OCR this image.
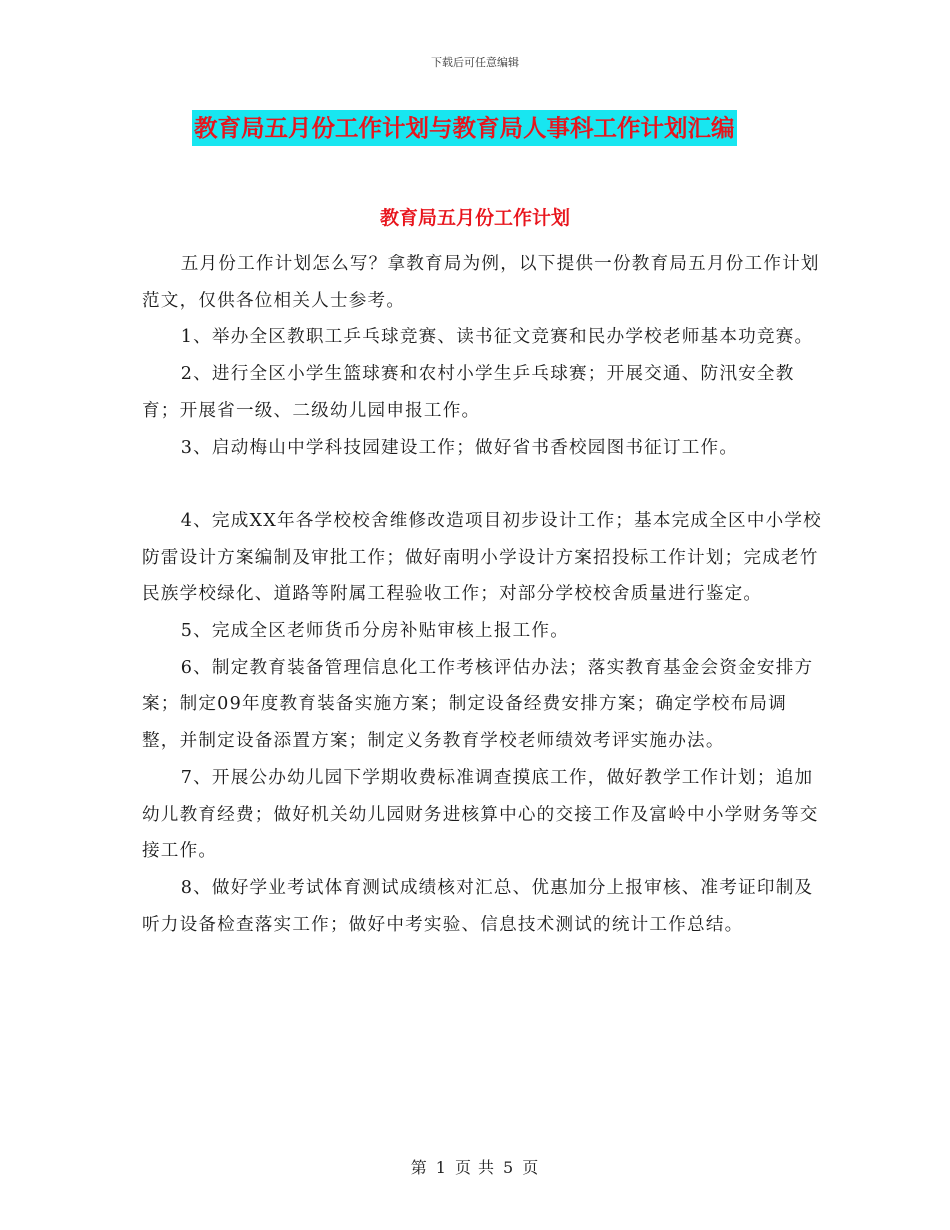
下载后可任意编辑
教育局五月份工作计划与教育局人事科工作计划汇编
教育局五月份工作计划

五月份工作计划怎么写？拿教育局为例，以下提供一份教育局五月份工作计划范文，仅供各位相关人士参考。

1、举办全区教职工乒乓球竞赛、读书征文竞赛和民办学校老师基本功竞赛。

2、进行全区小学生篮球赛和农村小学生乒乓球赛；开展交通、防汛安全教育；开展省一级、二级幼儿园申报工作。

3、启动梅山中学科技园建设工作；做好省书香校园图书征订工作。

4、完成XX年各学校校舍维修改造项目初步设计工作；基本完成全区中小学校防雷设计方案编制及审批工作；做好南明小学设计方案招投标工作计划；完成老竹民族学校绿化、道路等附属工程验收工作；对部分学校校舍质量进行鉴定。

5、完成全区老师货币分房补贴审核上报工作。

6、制定教育装备管理信息化工作考核评估办法；落实教育基金会资金安排方案；制定09年度教育装备实施方案；制定设备经费安排方案；确定学校布局调整，并制定设备添置方案；制定义务教育学校老师绩效考评实施办法。

7、开展公办幼儿园下学期收费标准调查摸底工作，做好教学工作计划；追加幼儿教育经费；做好机关幼儿园财务进核算中心的交接工作及富岭中小学财务等交接工作。

8、做好学业考试体育测试成绩核对汇总、优惠加分上报审核、准考证印制及听力设备检查落实工作；做好中考实验、信息技术测试的统计工作总结。

第 1 页 共 5 页
